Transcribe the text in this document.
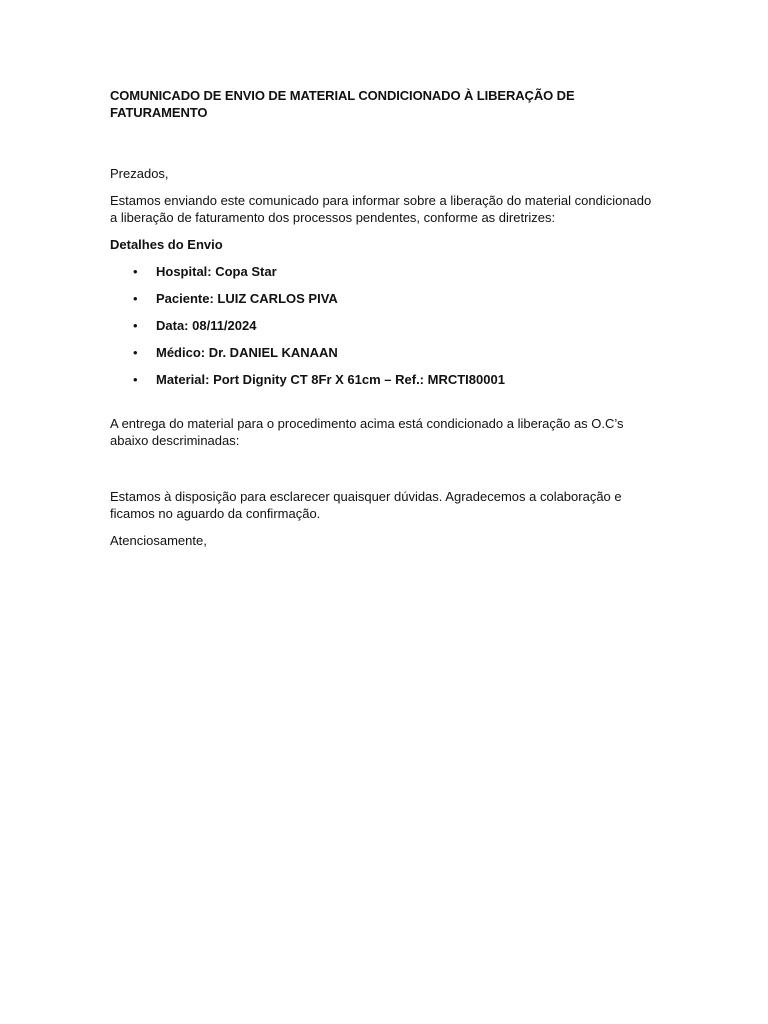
COMUNICADO DE ENVIO DE MATERIAL CONDICIONADO À LIBERAÇÃO DE FATURAMENTO

Prezados,

Estamos enviando este comunicado para informar sobre a liberação do material condicionado a liberação de faturamento dos processos pendentes, conforme as diretrizes:

Detalhes do Envio

• Hospital: Copa Star
• Paciente: LUIZ CARLOS PIVA
• Data: 08/11/2024
• Médico: Dr. DANIEL KANAAN
• Material: Port Dignity CT 8Fr X 61cm – Ref.: MRCTI80001

A entrega do material para o procedimento acima está condicionado a liberação as O.C’s abaixo descriminadas:

Estamos à disposição para esclarecer quaisquer dúvidas. Agradecemos a colaboração e ficamos no aguardo da confirmação.

Atenciosamente,
